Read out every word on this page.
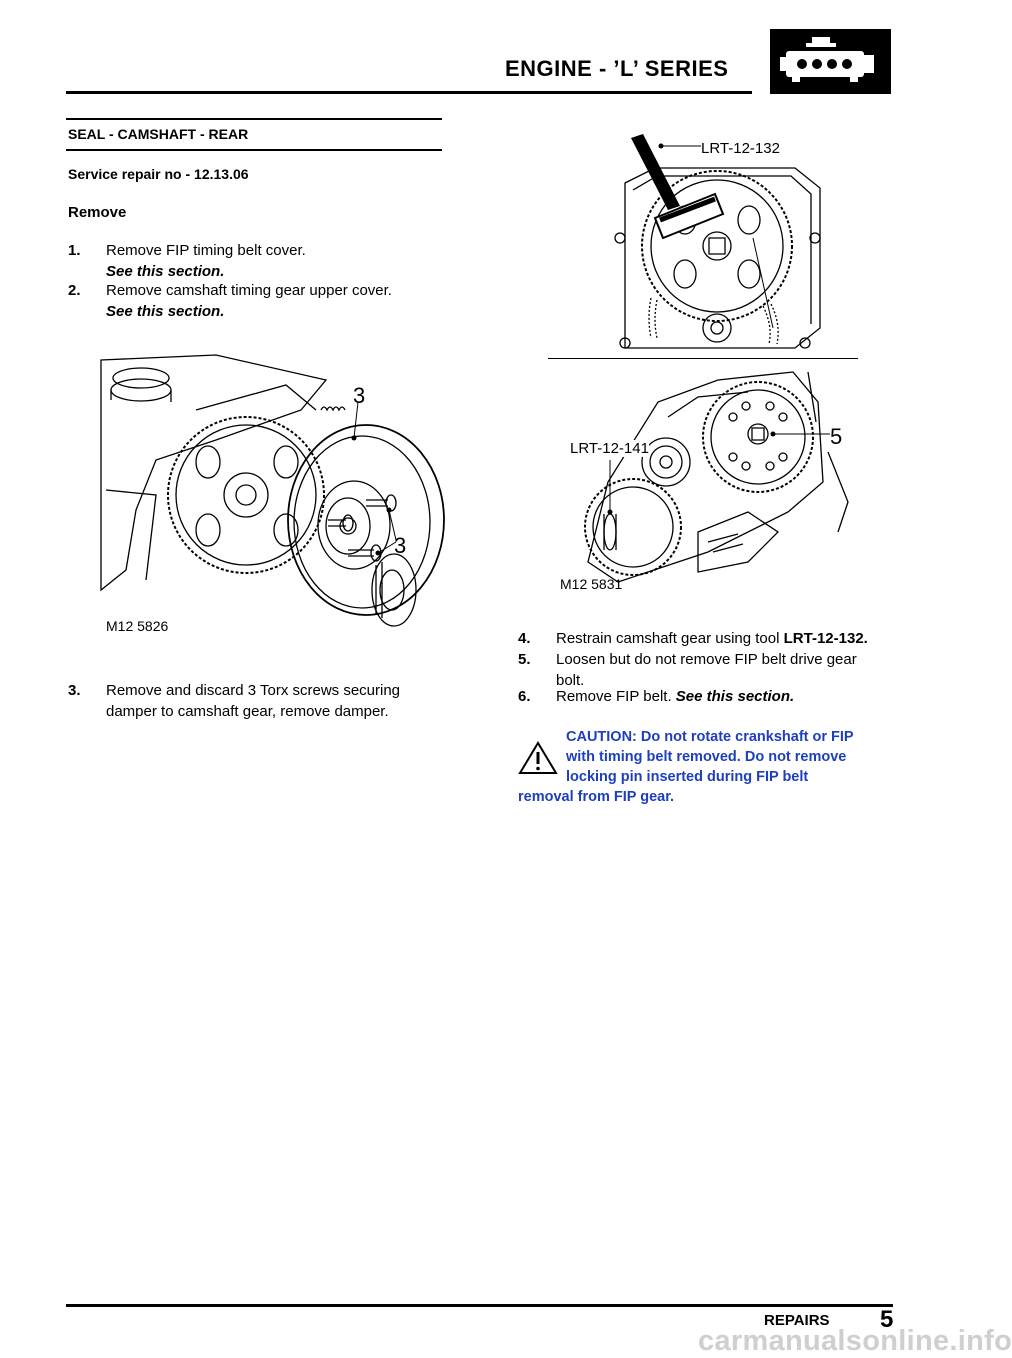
ENGINE - ’L’ SERIES
SEAL - CAMSHAFT - REAR
Service repair no - 12.13.06
Remove
1. Remove FIP timing belt cover.
See this section.
2. Remove camshaft timing gear upper cover.
See this section.
3
3
M12 5826
3. Remove and discard 3 Torx screws securing
damper to camshaft gear, remove damper.
LRT-12-132
LRT-12-141	5
M12 5831
4. Restrain camshaft gear using tool LRT-12-132.
5. Loosen but do not remove FIP belt drive gear
bolt.
6. Remove FIP belt. See this section.
CAUTION: Do not rotate crankshaft or FIP
with timing belt removed. Do not remove
locking pin inserted during FIP belt
removal from FIP gear.
REPAIRS 5
carmanualsonline.info
